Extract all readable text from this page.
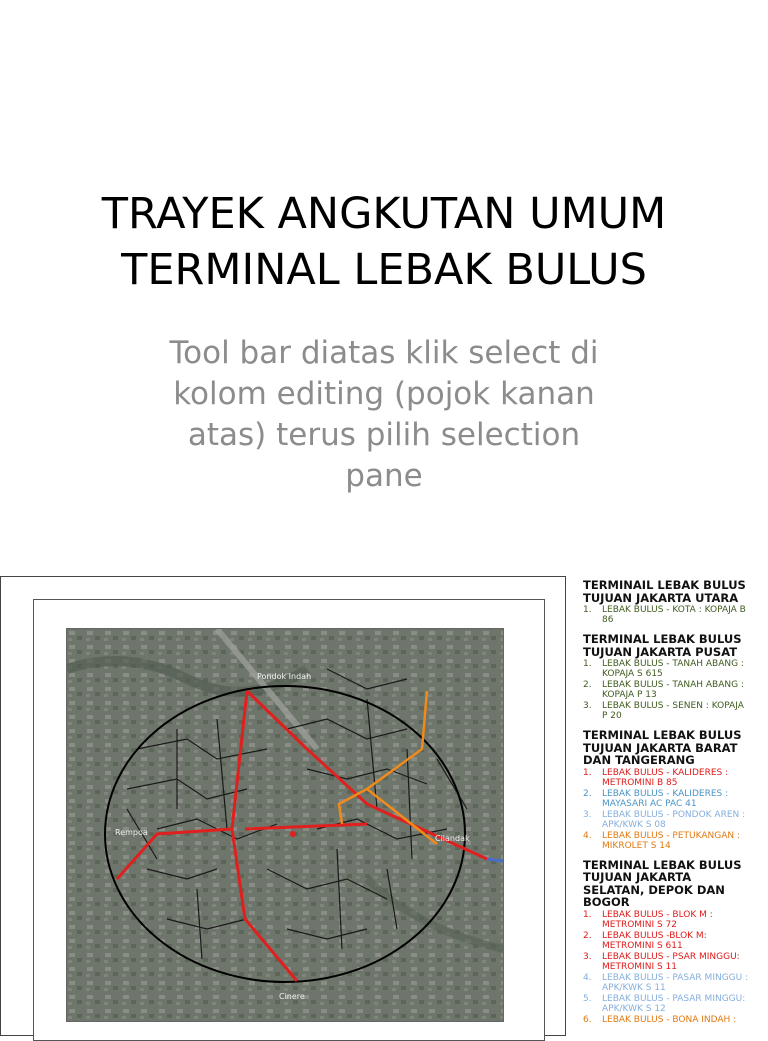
TRAYEK ANGKUTAN UMUM
TERMINAL LEBAK BULUS
Tool bar diatas klik select di
kolom editing (pojok kanan
atas) terus pilih selection
pane
Pondok Indah
Rempoa
Cilandak
Cinere
TERMINAIL LEBAK BULUS
TUJUAN JAKARTA UTARA
1.	LEBAK BULUS - KOTA : KOPAJA B
86
TERMINAL LEBAK BULUS
TUJUAN JAKARTA PUSAT
1.	LEBAK BULUS - TANAH ABANG :
KOPAJA S 615
2.	LEBAK BULUS - TANAH ABANG :
KOPAJA P 13
3.	LEBAK BULUS - SENEN : KOPAJA
P 20
TERMINAL LEBAK BULUS
TUJUAN JAKARTA BARAT
DAN TANGERANG
1.	LEBAK BULUS - KALIDERES :
METROMINI B 85
2.	LEBAK BULUS - KALIDERES :
MAYASARI AC PAC 41
3.	LEBAK BULUS - PONDOK AREN :
APK/KWK S 08
4.	LEBAK BULUS - PETUKANGAN :
MIKROLET S 14
TERMINAL LEBAK BULUS
TUJUAN JAKARTA
SELATAN, DEPOK DAN
BOGOR
1.	LEBAK BULUS - BLOK M :
METROMINI S 72
2.	LEBAK BULUS -BLOK M:
METROMINI S 611
3.	LEBAK BULUS - PSAR MINGGU:
METROMINI S 11
4.	LEBAK BULUS - PASAR MINGGU :
APK/KWK S 11
5.	LEBAK BULUS - PASAR MINGGU:
APK/KWK S 12
6.	LEBAK BULUS - BONA INDAH :
